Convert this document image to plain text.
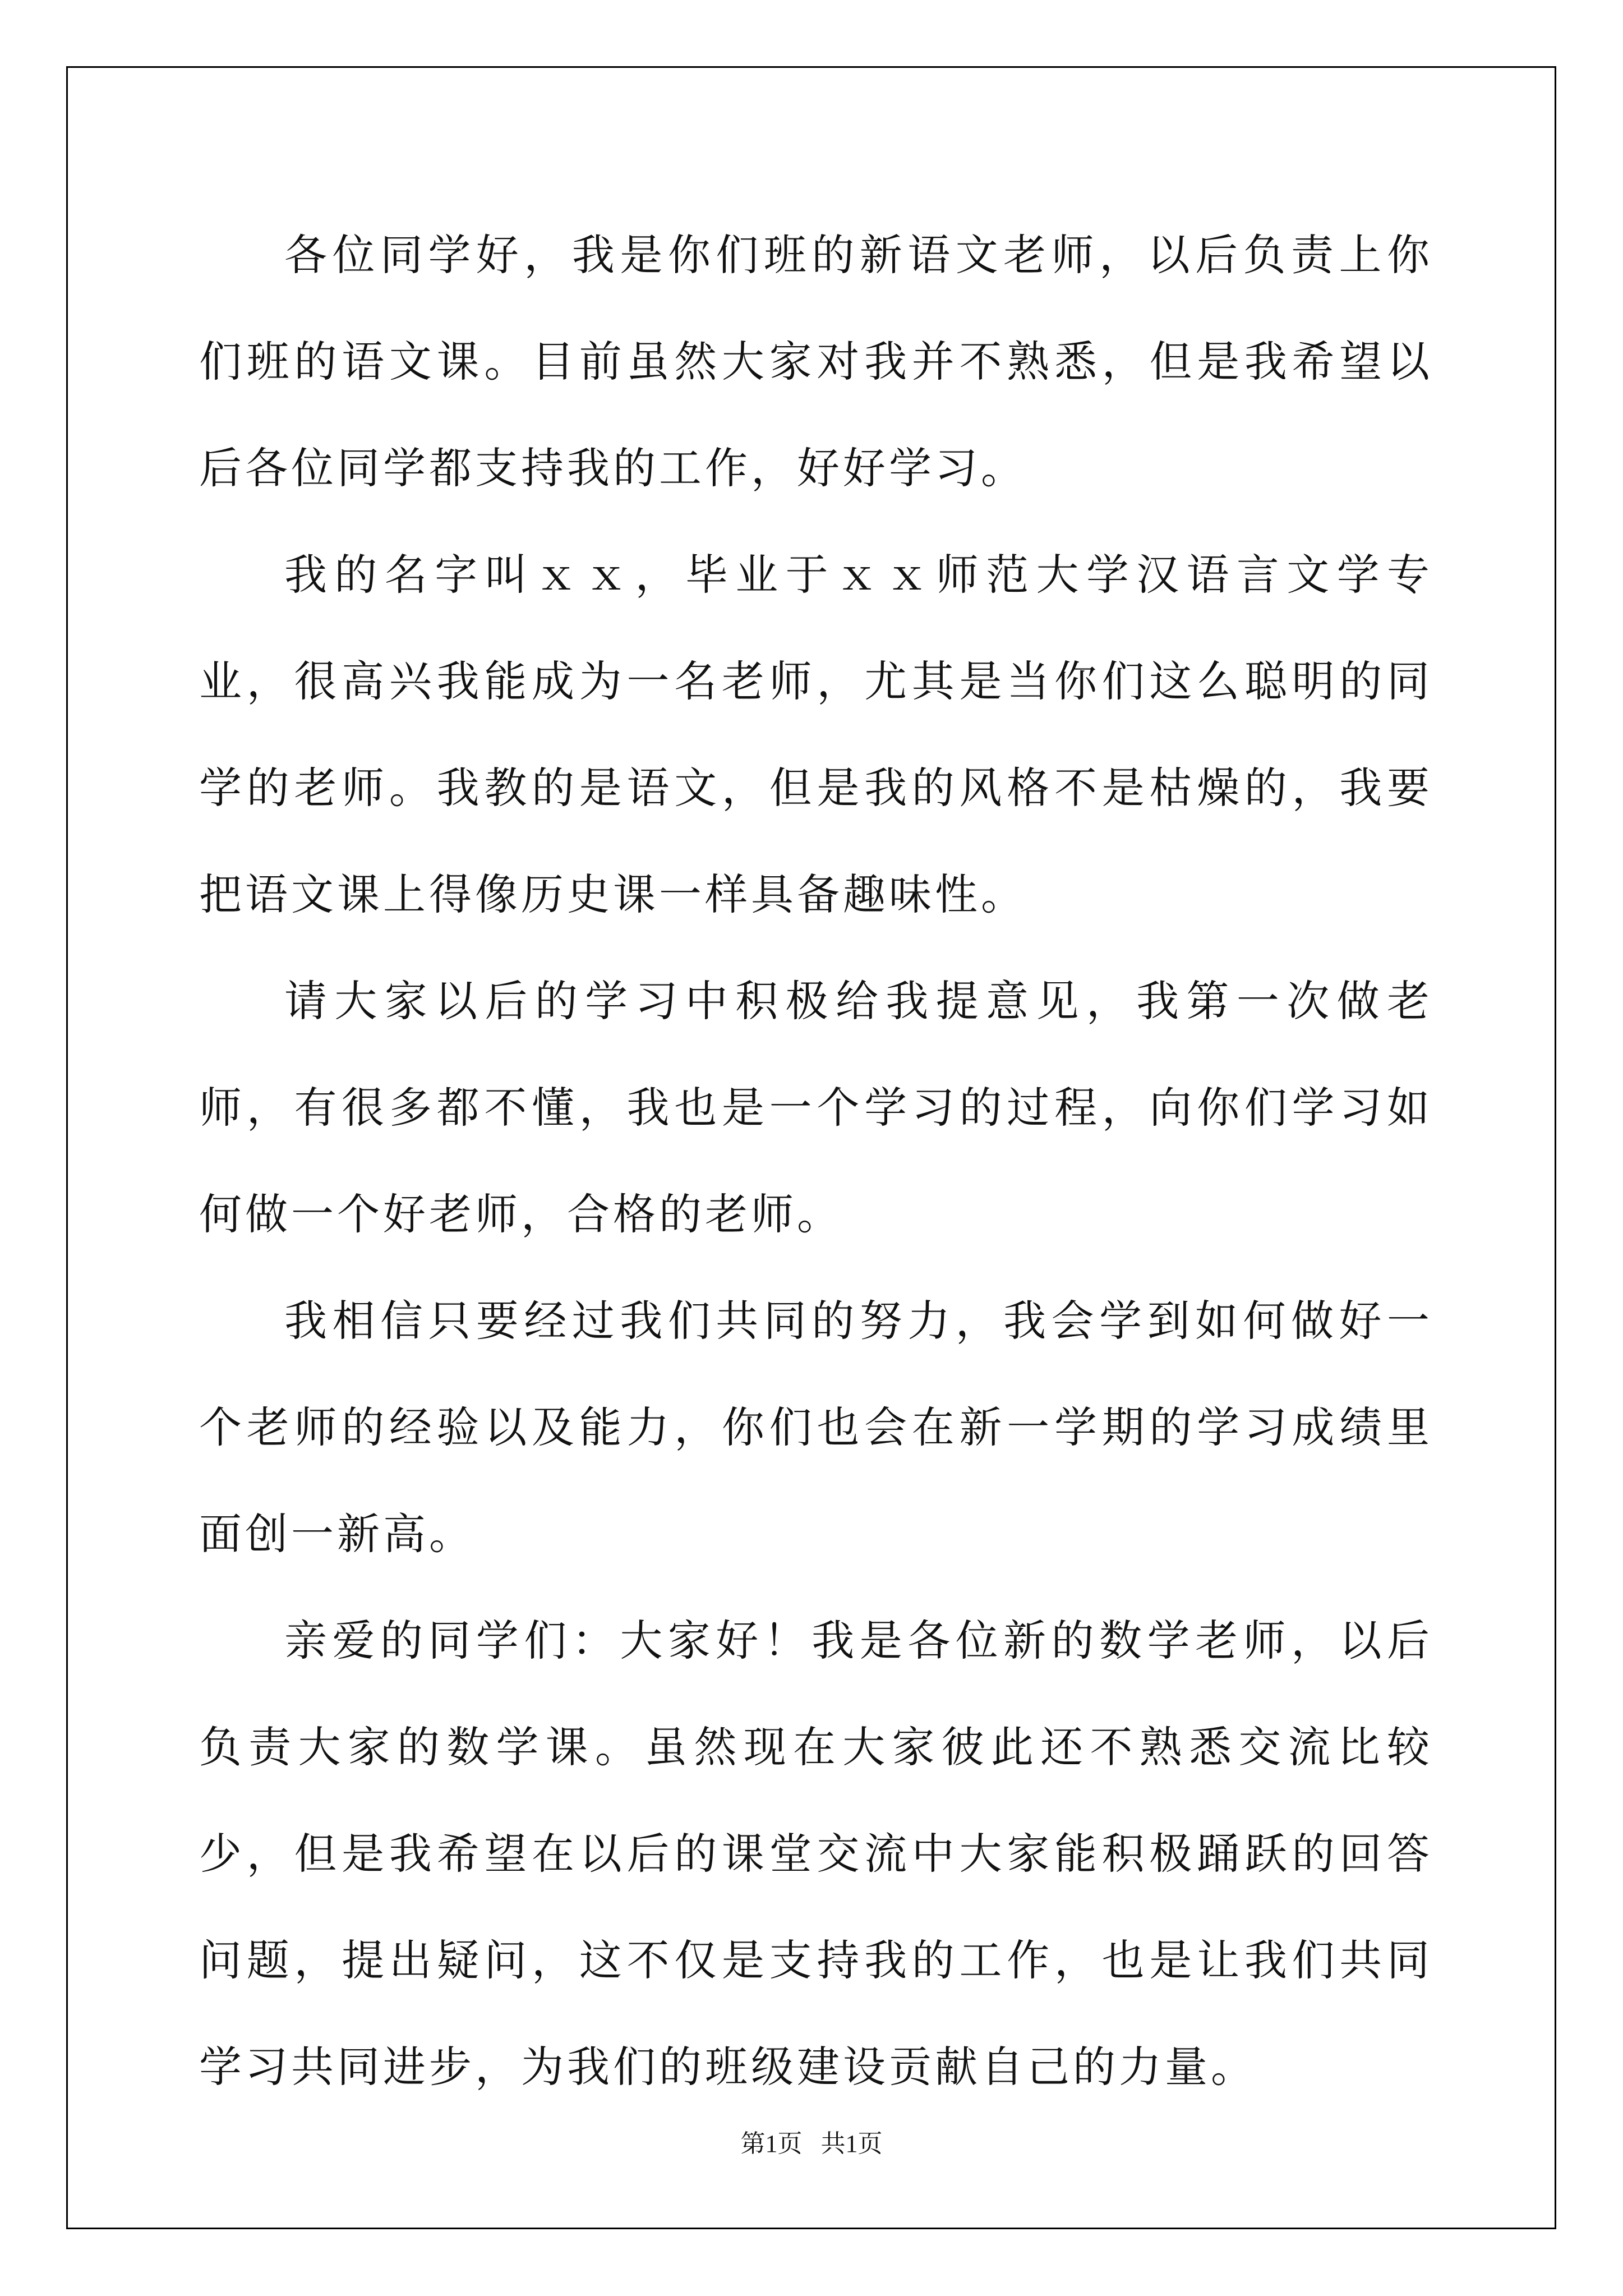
各位同学好，我是你们班的新语文老师，以后负责上你们班的语文课。目前虽然大家对我并不熟悉，但是我希望以后各位同学都支持我的工作，好好学习。

我的名字叫ｘｘ，毕业于ｘｘ师范大学汉语言文学专业，很高兴我能成为一名老师，尤其是当你们这么聪明的同学的老师。我教的是语文，但是我的风格不是枯燥的，我要把语文课上得像历史课一样具备趣味性。

请大家以后的学习中积极给我提意见，我第一次做老师，有很多都不懂，我也是一个学习的过程，向你们学习如何做一个好老师，合格的老师。

我相信只要经过我们共同的努力，我会学到如何做好一个老师的经验以及能力，你们也会在新一学期的学习成绩里面创一新高。

亲爱的同学们：大家好！我是各位新的数学老师，以后负责大家的数学课。虽然现在大家彼此还不熟悉交流比较少，但是我希望在以后的课堂交流中大家能积极踊跃的回答问题，提出疑问，这不仅是支持我的工作，也是让我们共同学习共同进步，为我们的班级建设贡献自己的力量。

第1页   共1页
